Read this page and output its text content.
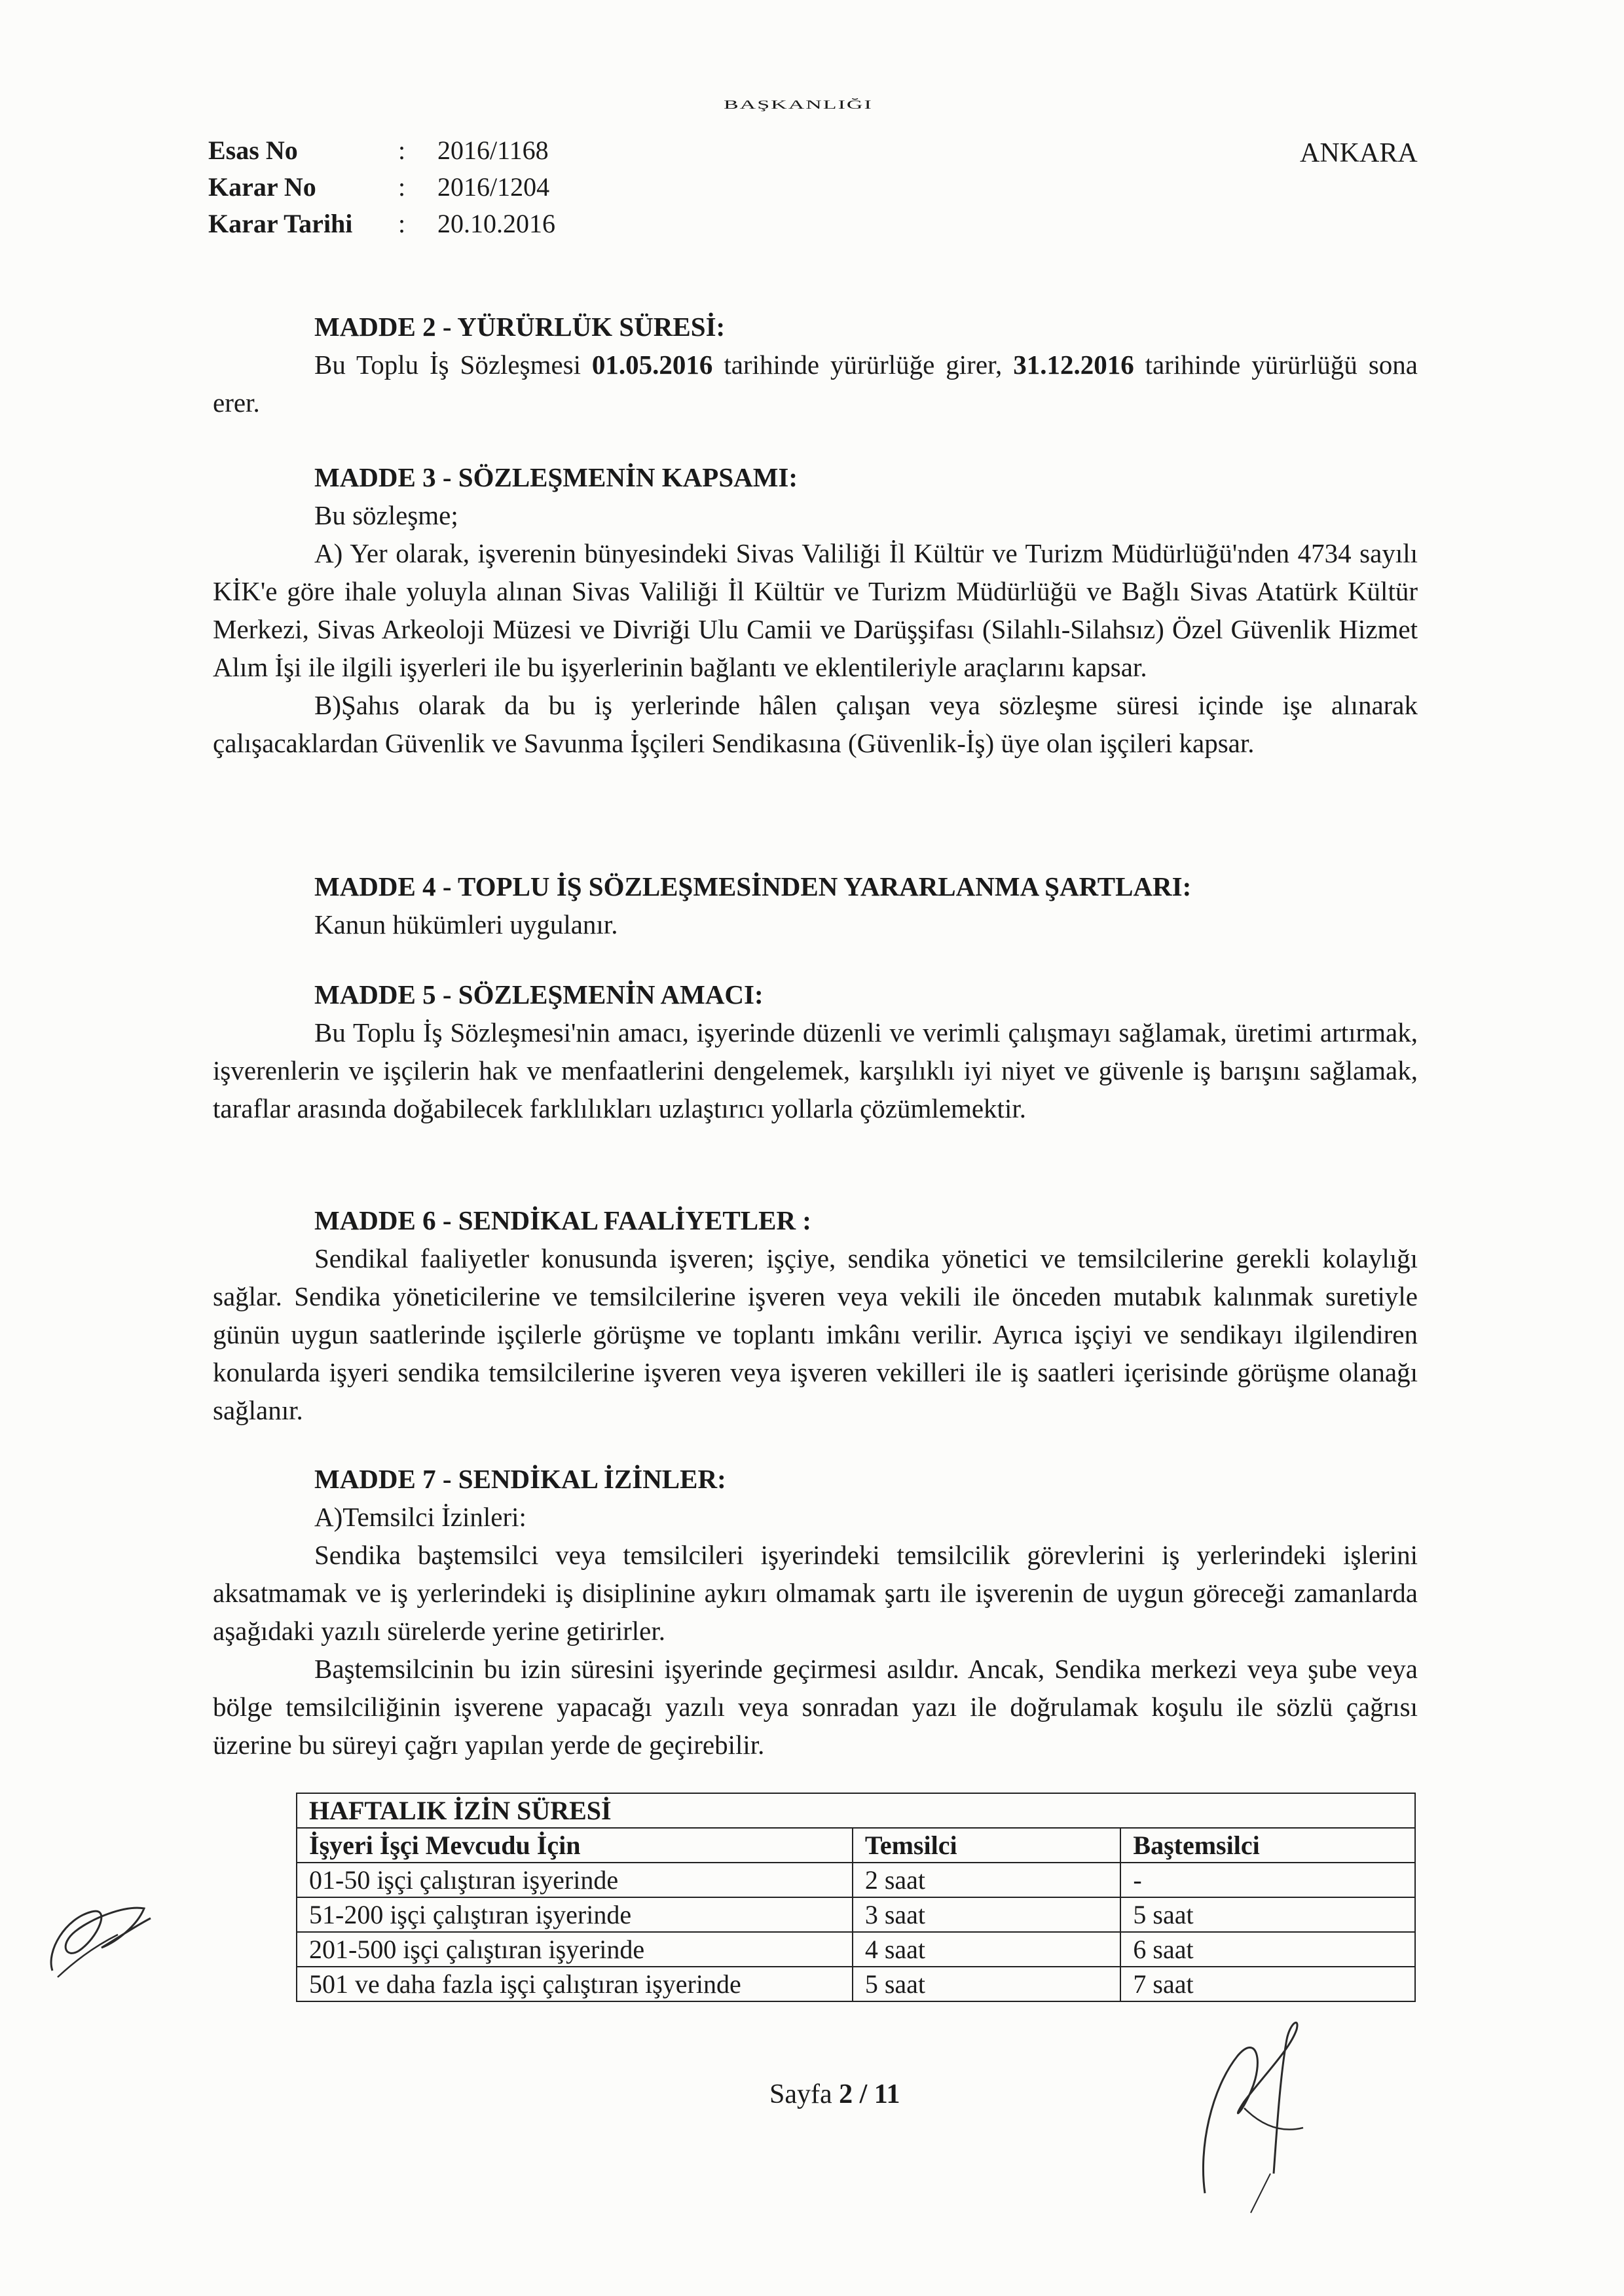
BAŞKANLIĞI
ANKARA
Esas No	: 2016/1168
Karar No	: 2016/1204
Karar Tarihi : 20.10.2016

MADDE 2 - YÜRÜRLÜK SÜRESİ:

Bu Toplu İş Sözleşmesi 01.05.2016 tarihinde yürürlüğe girer, 31.12.2016 tarihinde yürürlüğü sona erer.

MADDE 3 - SÖZLEŞMENİN KAPSAMI:

Bu sözleşme;

A) Yer olarak, işverenin bünyesindeki Sivas Valiliği İl Kültür ve Turizm Müdürlüğü'nden 4734 sayılı KİK'e göre ihale yoluyla alınan Sivas Valiliği İl Kültür ve Turizm Müdürlüğü ve Bağlı Sivas Atatürk Kültür Merkezi, Sivas Arkeoloji Müzesi ve Divriği Ulu Camii ve Darüşşifası (Silahlı-Silahsız) Özel Güvenlik Hizmet Alım İşi ile ilgili işyerleri ile bu işyerlerinin bağlantı ve eklentileriyle araçlarını kapsar.

B)Şahıs olarak da bu iş yerlerinde hâlen çalışan veya sözleşme süresi içinde işe alınarak çalışacaklardan Güvenlik ve Savunma İşçileri Sendikasına (Güvenlik-İş) üye olan işçileri kapsar.

MADDE 4 - TOPLU İŞ SÖZLEŞMESİNDEN YARARLANMA ŞARTLARI:

Kanun hükümleri uygulanır.

MADDE 5 - SÖZLEŞMENİN AMACI:

Bu Toplu İş Sözleşmesi'nin amacı, işyerinde düzenli ve verimli çalışmayı sağlamak, üretimi artırmak, işverenlerin ve işçilerin hak ve menfaatlerini dengelemek, karşılıklı iyi niyet ve güvenle iş barışını sağlamak, taraflar arasında doğabilecek farklılıkları uzlaştırıcı yollarla çözümlemektir.

MADDE 6 - SENDİKAL FAALİYETLER :

Sendikal faaliyetler konusunda işveren; işçiye, sendika yönetici ve temsilcilerine gerekli kolaylığı sağlar. Sendika yöneticilerine ve temsilcilerine işveren veya vekili ile önceden mutabık kalınmak suretiyle günün uygun saatlerinde işçilerle görüşme ve toplantı imkânı verilir. Ayrıca işçiyi ve sendikayı ilgilendiren konularda işyeri sendika temsilcilerine işveren veya işveren vekilleri ile iş saatleri içerisinde görüşme olanağı sağlanır.

MADDE 7 - SENDİKAL İZİNLER:

A)Temsilci İzinleri:

Sendika baştemsilci veya temsilcileri işyerindeki temsilcilik görevlerini iş yerlerindeki işlerini aksatmamak ve iş yerlerindeki iş disiplinine aykırı olmamak şartı ile işverenin de uygun göreceği zamanlarda aşağıdaki yazılı sürelerde yerine getirirler.

Baştemsilcinin bu izin süresini işyerinde geçirmesi asıldır. Ancak, Sendika merkezi veya şube veya bölge temsilciliğinin işverene yapacağı yazılı veya sonradan yazı ile doğrulamak koşulu ile sözlü çağrısı üzerine bu süreyi çağrı yapılan yerde de geçirebilir.

HAFTALIK İZİN SÜRESİ		
İşyeri İşçi Mevcudu İçin	Temsilci	Baştemsilci
01-50 işçi çalıştıran işyerinde	2 saat	-
51-200 işçi çalıştıran işyerinde	3 saat	5 saat
201-500 işçi çalıştıran işyerinde	4 saat	6 saat
501 ve daha fazla işçi çalıştıran işyerinde	5 saat	7 saat
Sayfa 2 / 11
